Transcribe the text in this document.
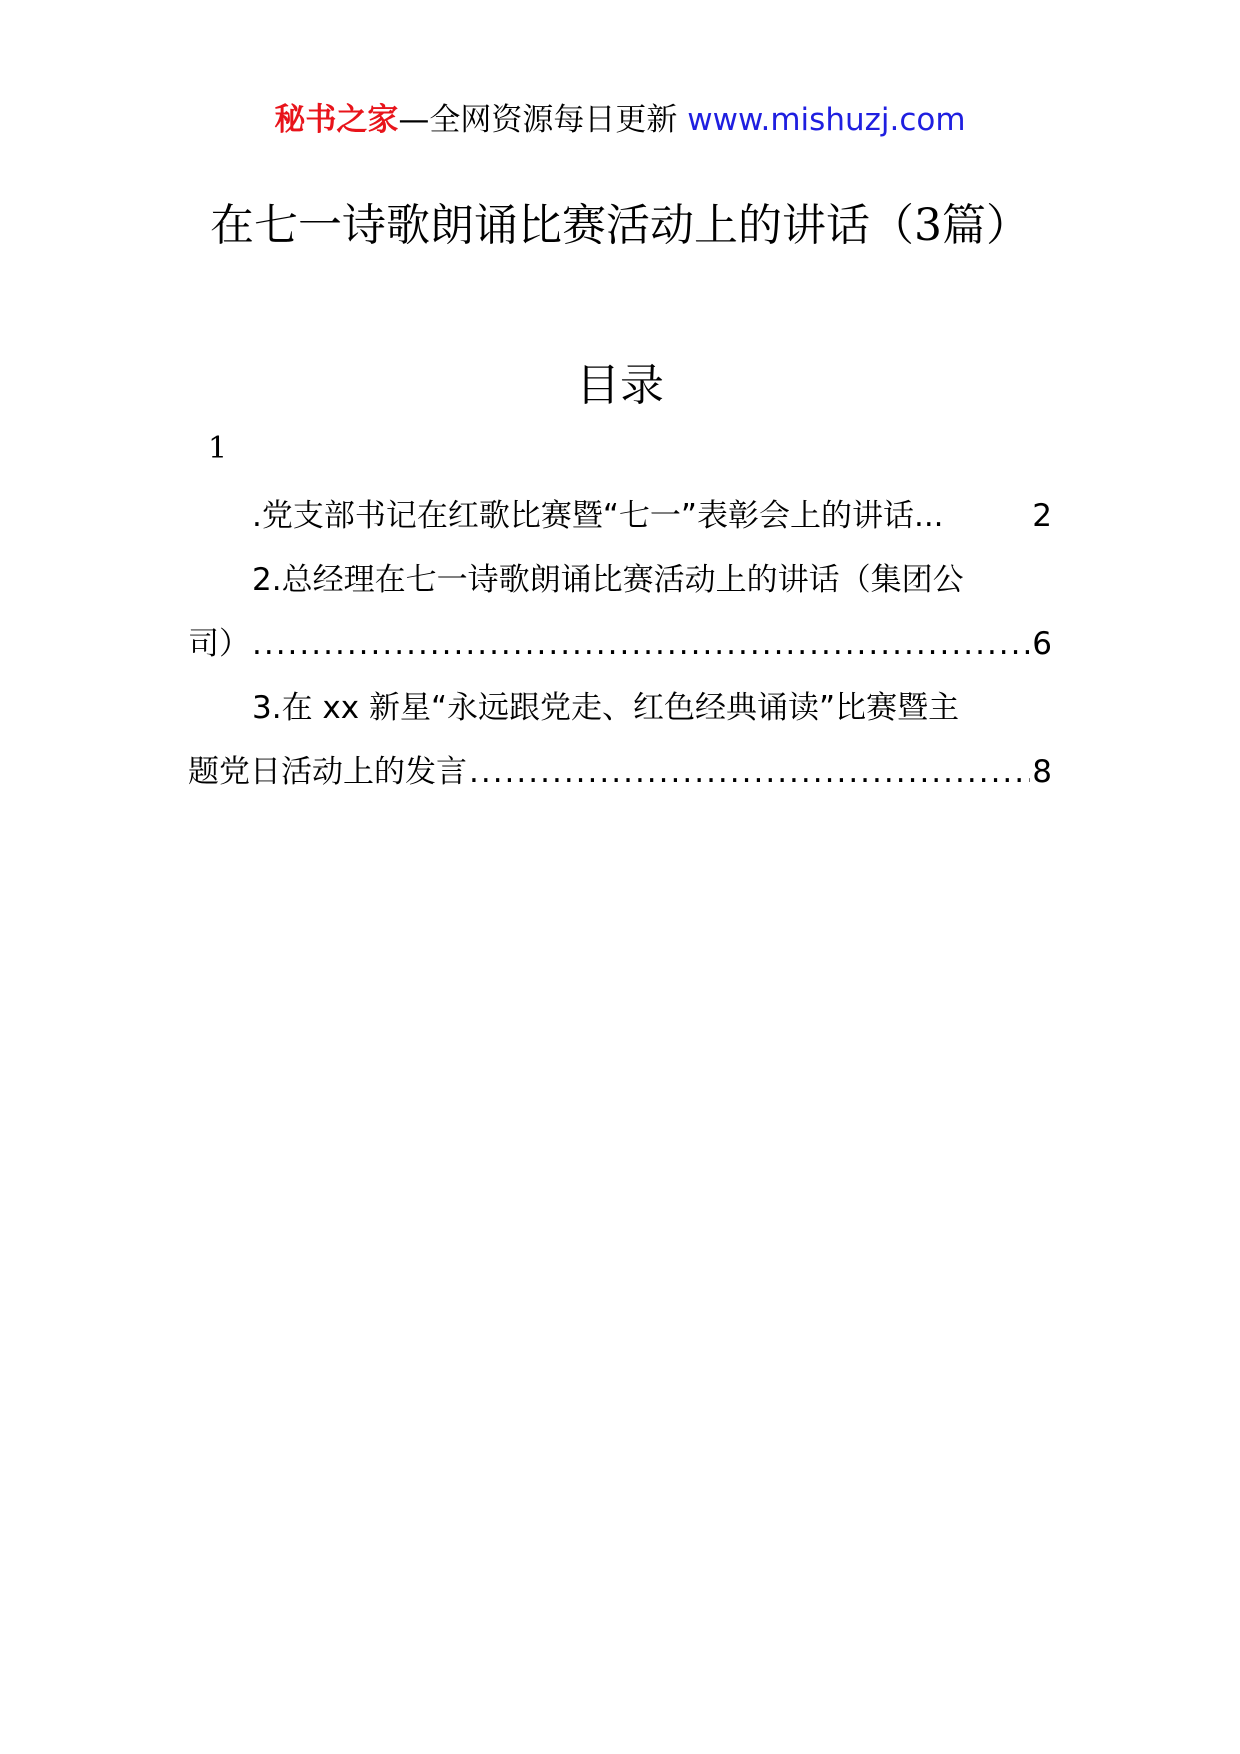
秘书之家—全网资源每日更新 www.mishuzj.com
在七一诗歌朗诵比赛活动上的讲话（3篇）
目录
1
.党支部书记在红歌比赛暨“七一”表彰会上的讲话...	2
2.总经理在七一诗歌朗诵比赛活动上的讲话（集团公
司） .....	6
3.在 xx 新星“永远跟党走、红色经典诵读”比赛暨主
题党日活动上的发言 .....	8
